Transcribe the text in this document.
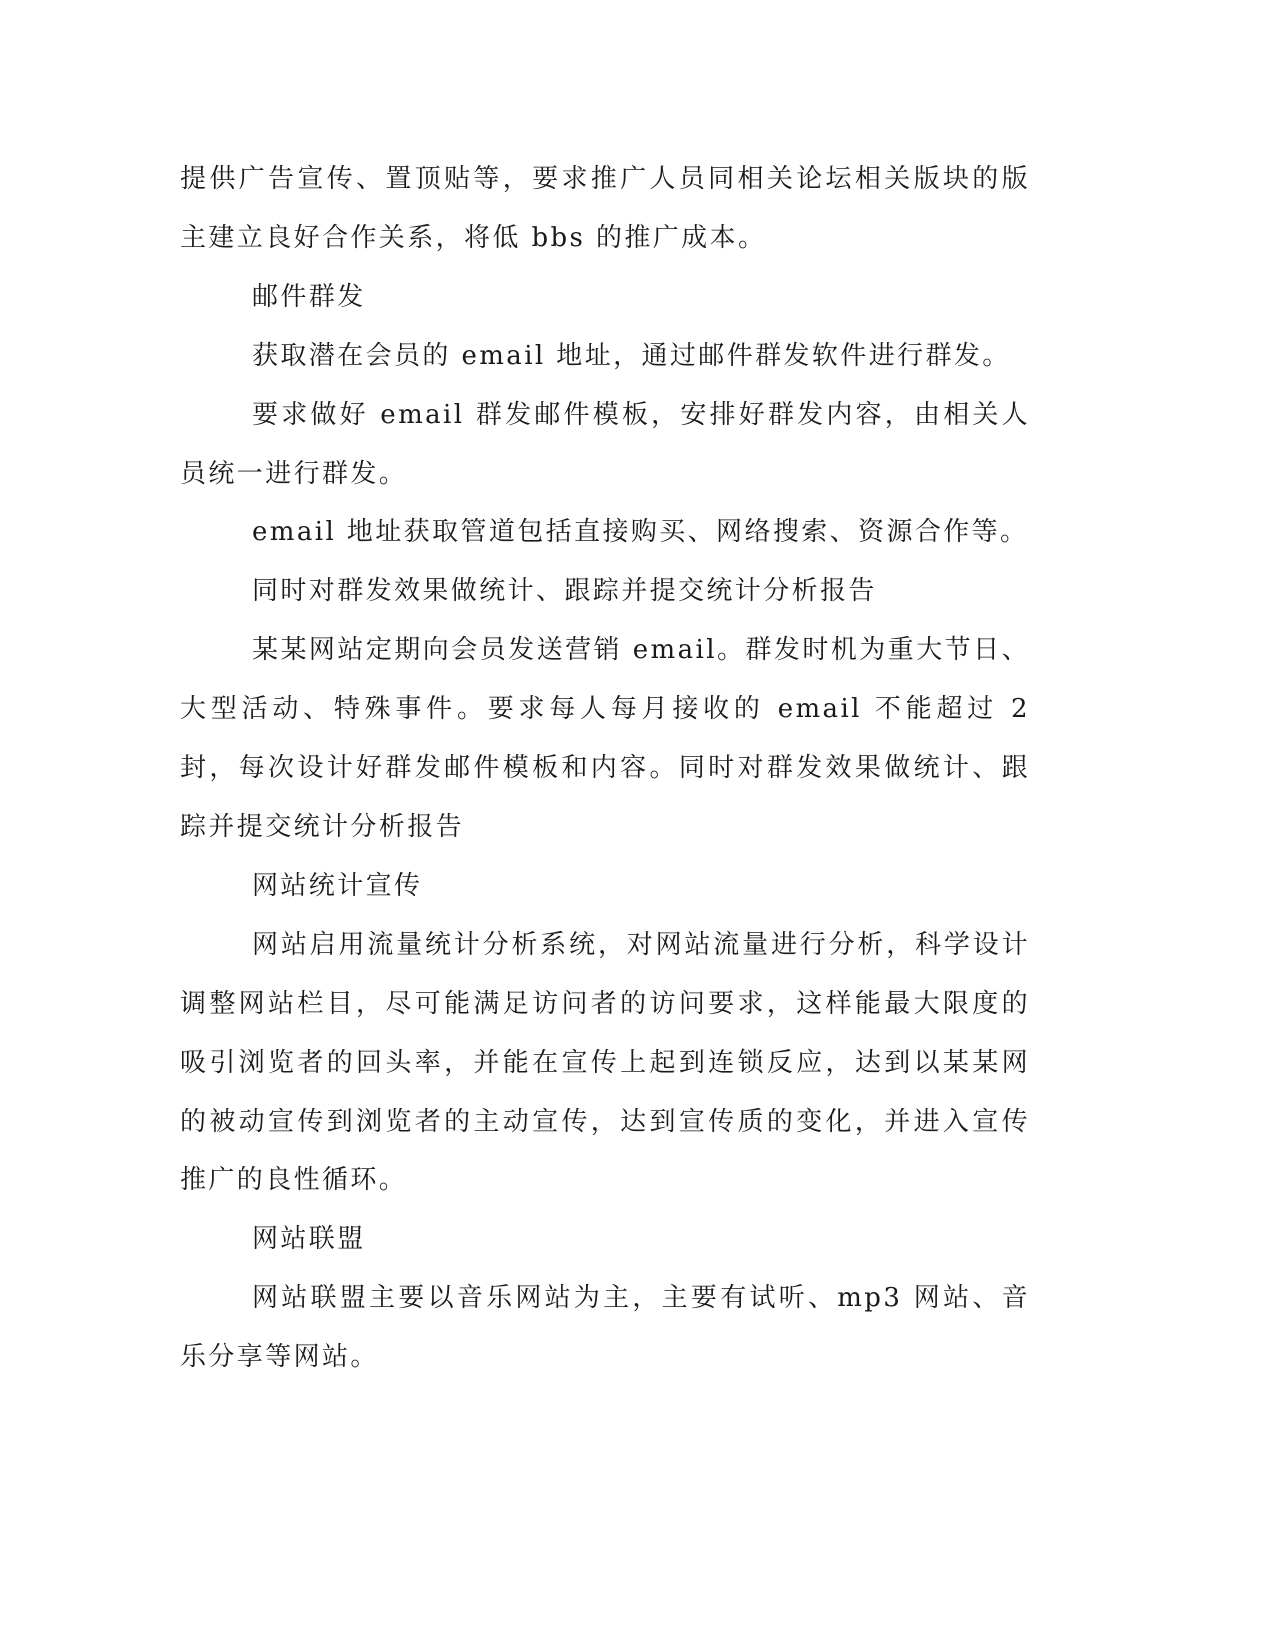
提供广告宣传、置顶贴等，要求推广人员同相关论坛相关版块的版主建立良好合作关系，将低 bbs 的推广成本。

邮件群发

获取潜在会员的 email 地址，通过邮件群发软件进行群发。

要求做好 email 群发邮件模板，安排好群发内容，由相关人员统一进行群发。

email 地址获取管道包括直接购买、网络搜索、资源合作等。

同时对群发效果做统计、跟踪并提交统计分析报告

某某网站定期向会员发送营销 email。群发时机为重大节日、大型活动、特殊事件。要求每人每月接收的 email 不能超过 2 封，每次设计好群发邮件模板和内容。同时对群发效果做统计、跟踪并提交统计分析报告

网站统计宣传

网站启用流量统计分析系统，对网站流量进行分析，科学设计调整网站栏目，尽可能满足访问者的访问要求，这样能最大限度的吸引浏览者的回头率，并能在宣传上起到连锁反应，达到以某某网的被动宣传到浏览者的主动宣传，达到宣传质的变化，并进入宣传推广的良性循环。

网站联盟

网站联盟主要以音乐网站为主，主要有试听、mp3 网站、音乐分享等网站。
